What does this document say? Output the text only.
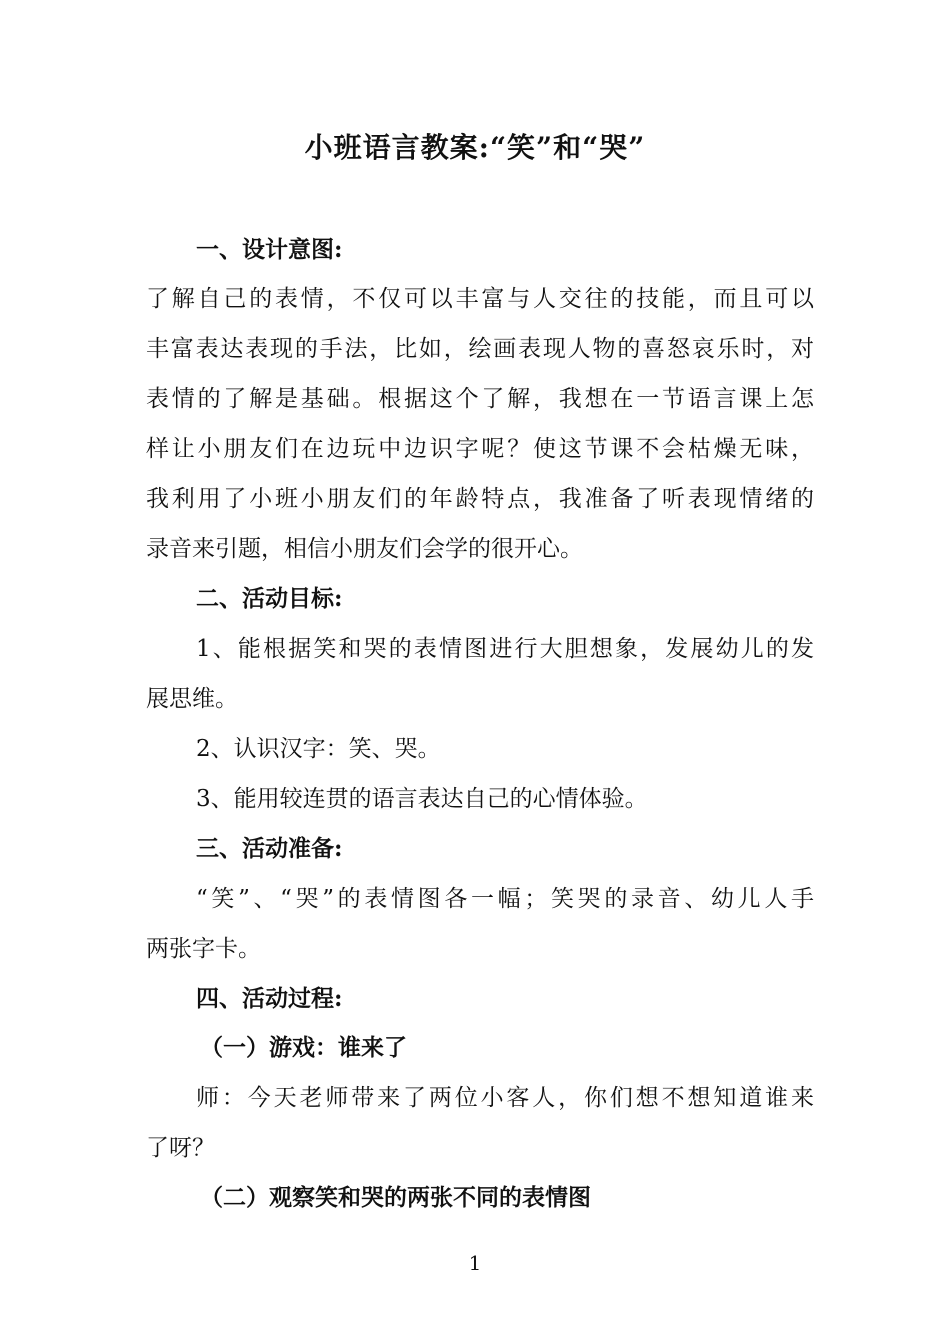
小班语言教案:“笑”和“哭”
一、设计意图:
了解自己的表情，不仅可以丰富与人交往的技能，而且可以
丰富表达表现的手法，比如，绘画表现人物的喜怒哀乐时，对
表情的了解是基础。根据这个了解，我想在一节语言课上怎
样让小朋友们在边玩中边识字呢？使这节课不会枯燥无味，
我利用了小班小朋友们的年龄特点，我准备了听表现情绪的
录音来引题，相信小朋友们会学的很开心。
二、活动目标:
1、能根据笑和哭的表情图进行大胆想象，发展幼儿的发
展思维。
2、认识汉字：笑、哭。
3、能用较连贯的语言表达自己的心情体验。
三、活动准备:
“笑”、“哭”的表情图各一幅；笑哭的录音、幼儿人手
两张字卡。
四、活动过程:
（一）游戏：谁来了
师：今天老师带来了两位小客人，你们想不想知道谁来
了呀？
（二）观察笑和哭的两张不同的表情图
1
